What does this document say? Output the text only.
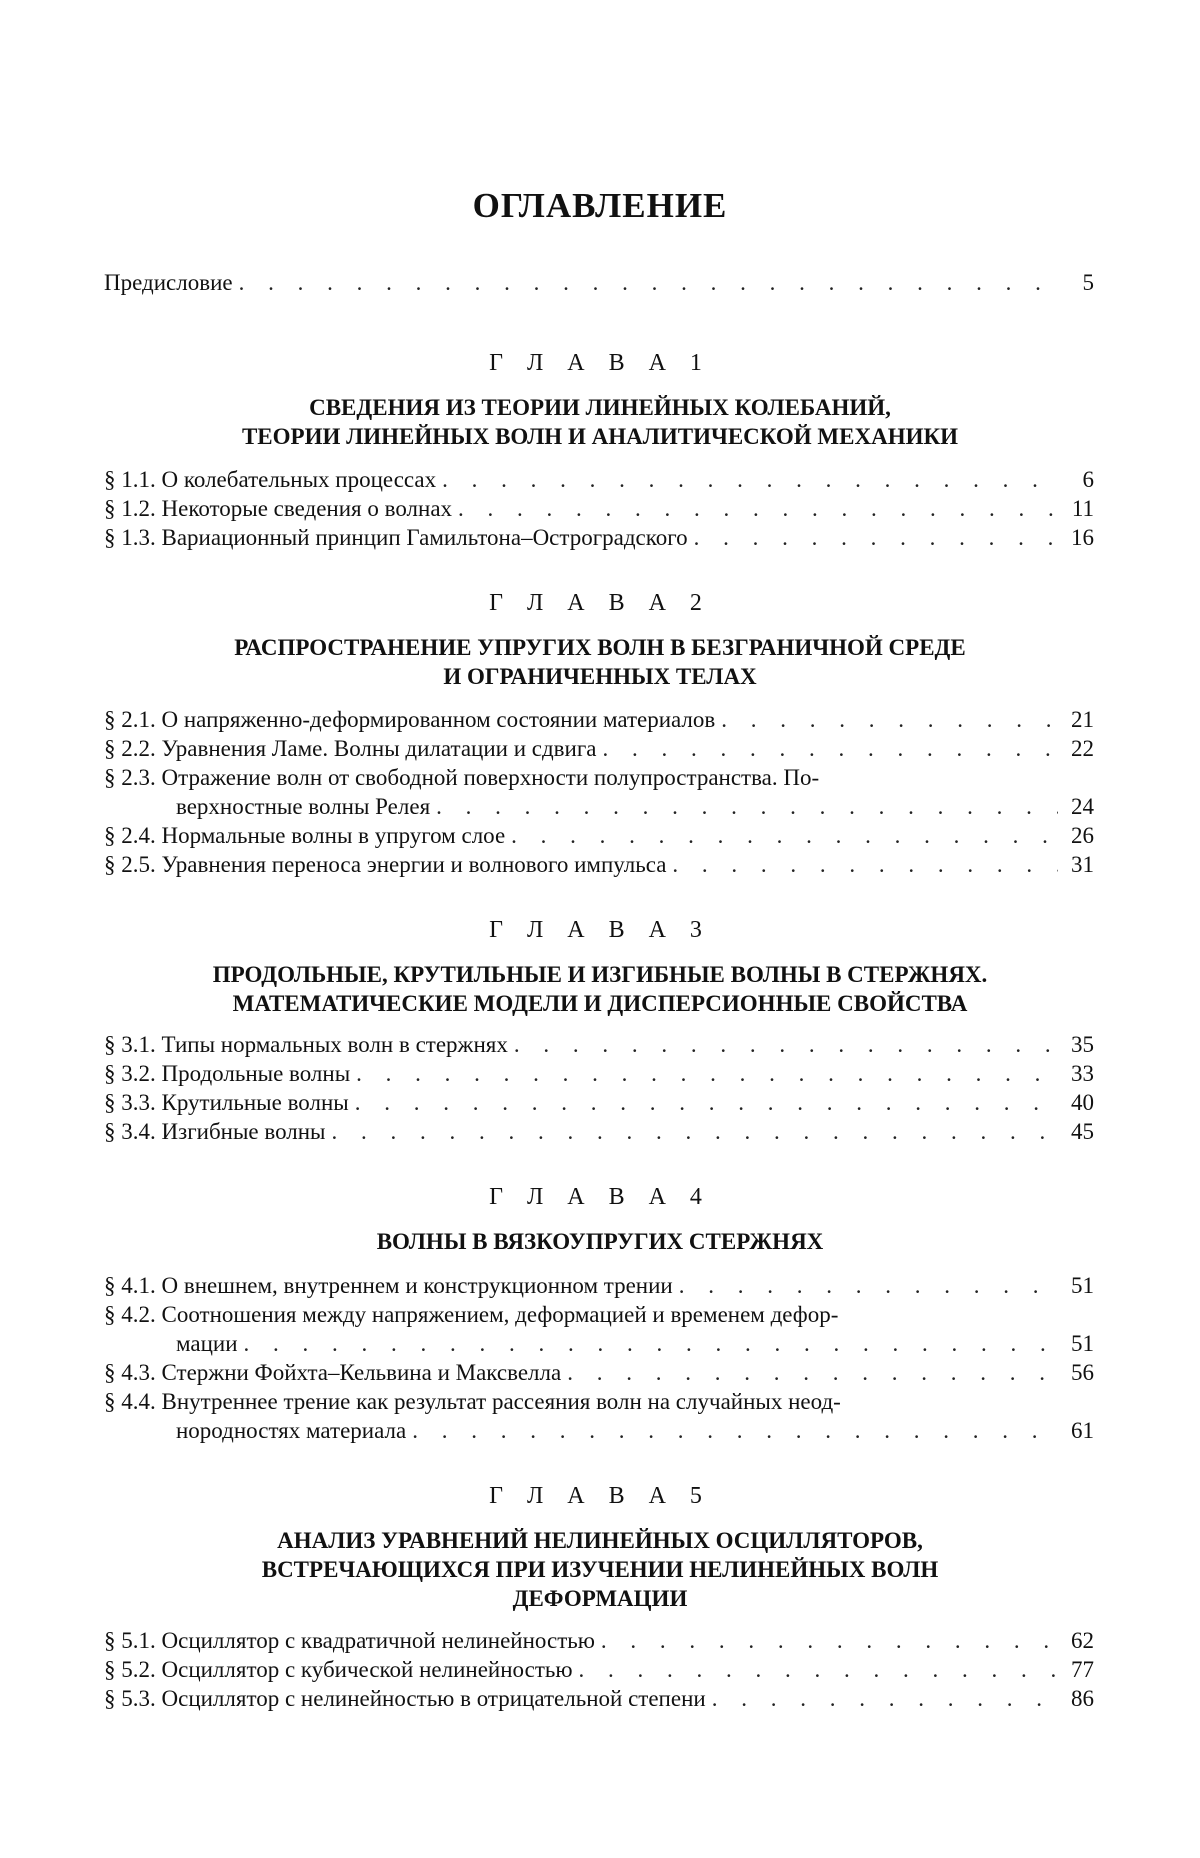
ОГЛАВЛЕНИЕ
Предисловие . . .	5
Г Л А В А 1
СВЕДЕНИЯ ИЗ ТЕОРИИ ЛИНЕЙНЫХ КОЛЕБАНИЙ,
ТЕОРИИ ЛИНЕЙНЫХ ВОЛН И АНАЛИТИЧЕСКОЙ МЕХАНИКИ
§ 1.1. О колебательных процессах . . .	6
§ 1.2. Некоторые сведения о волнах . . .	11
§ 1.3. Вариационный принцип Гамильтона–Остроградского . . .	16
Г Л А В А 2
РАСПРОСТРАНЕНИЕ УПРУГИХ ВОЛН В БЕЗГРАНИЧНОЙ СРЕДЕ
И ОГРАНИЧЕННЫХ ТЕЛАХ
§ 2.1. О напряженно-деформированном состоянии материалов . . .	21
§ 2.2. Уравнения Ламе. Волны дилатации и сдвига . . .	22
§ 2.3. Отражение волн от свободной поверхности полупространства. По-
верхностные волны Релея . . .	24
§ 2.4. Нормальные волны в упругом слое . . .	26
§ 2.5. Уравнения переноса энергии и волнового импульса . . .	31
Г Л А В А 3
ПРОДОЛЬНЫЕ, КРУТИЛЬНЫЕ И ИЗГИБНЫЕ ВОЛНЫ В СТЕРЖНЯХ.
МАТЕМАТИЧЕСКИЕ МОДЕЛИ И ДИСПЕРСИОННЫЕ СВОЙСТВА
§ 3.1. Типы нормальных волн в стержнях . . .	35
§ 3.2. Продольные волны . . .	33
§ 3.3. Крутильные волны . . .	40
§ 3.4. Изгибные волны . . .	45
Г Л А В А 4
ВОЛНЫ В ВЯЗКОУПРУГИХ СТЕРЖНЯХ
§ 4.1. О внешнем, внутреннем и конструкционном трении . . .	51
§ 4.2. Соотношения между напряжением, деформацией и временем дефор-
мации . . .	51
§ 4.3. Стержни Фойхта–Кельвина и Максвелла . . .	56
§ 4.4. Внутреннее трение как результат рассеяния волн на случайных неод-
нородностях материала . . .	61
Г Л А В А 5
АНАЛИЗ УРАВНЕНИЙ НЕЛИНЕЙНЫХ ОСЦИЛЛЯТОРОВ,
ВСТРЕЧАЮЩИХСЯ ПРИ ИЗУЧЕНИИ НЕЛИНЕЙНЫХ ВОЛН
ДЕФОРМАЦИИ
§ 5.1. Осциллятор с квадратичной нелинейностью . . .	62
§ 5.2. Осциллятор с кубической нелинейностью . . .	77
§ 5.3. Осциллятор с нелинейностью в отрицательной степени . . .	86
